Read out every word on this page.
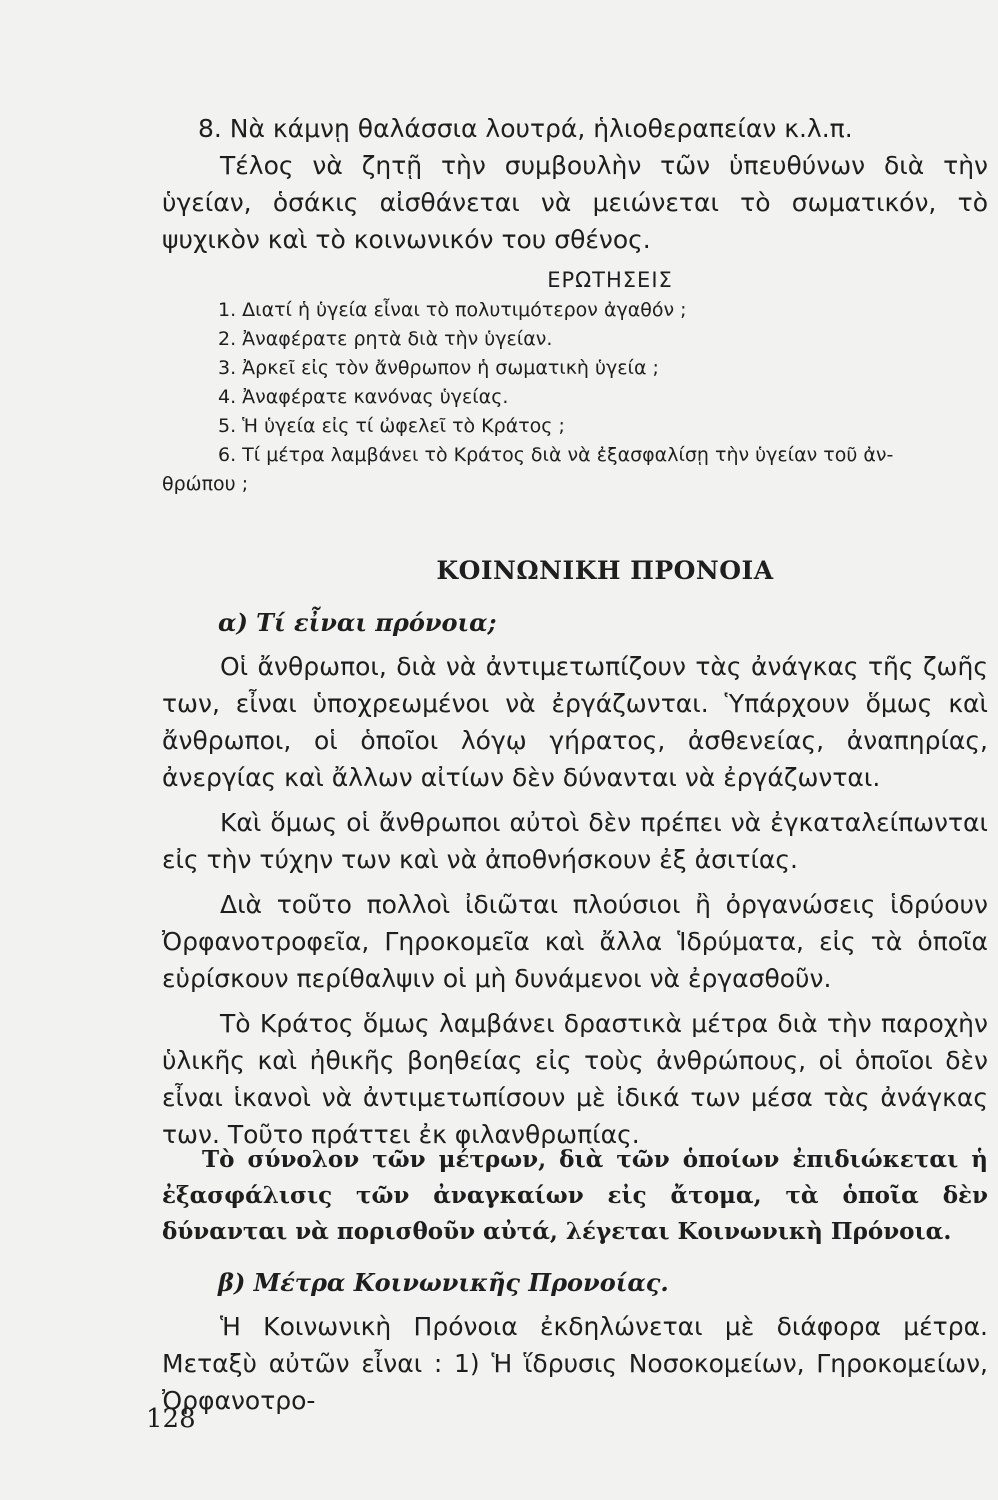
8. Νὰ κάμνῃ θαλάσσια λουτρά, ἡλιοθεραπείαν κ.λ.π.

Τέλος νὰ ζητῇ τὴν συμβουλὴν τῶν ὑπευθύνων διὰ τὴν ὑγείαν, ὁσάκις αἰσθάνεται νὰ μειώνεται τὸ σωματικόν, τὸ ψυχικὸν καὶ τὸ κοινωνικόν του σθένος.

ΕΡΩΤΗΣΕΙΣ

1. Διατί ἡ ὑγεία εἶναι τὸ πολυτιμότερον ἀγαθόν ;
2. Ἀναφέρατε ρητὰ διὰ τὴν ὑγείαν.
3. Ἀρκεῖ εἰς τὸν ἄνθρωπον ἡ σωματικὴ ὑγεία ;
4. Ἀναφέρατε κανόνας ὑγείας.
5. Ἡ ὑγεία εἰς τί ὠφελεῖ τὸ Κράτος ;
6. Τί μέτρα λαμβάνει τὸ Κράτος διὰ νὰ ἐξασφαλίσῃ τὴν ὑγείαν τοῦ ἀν-

θρώπου ;

ΚΟΙΝΩΝΙΚΗ ΠΡΟΝΟΙΑ

α) Τί εἶναι πρόνοια;

Οἱ ἄνθρωποι, διὰ νὰ ἀντιμετωπίζουν τὰς ἀνάγκας τῆς ζωῆς των, εἶναι ὑποχρεωμένοι νὰ ἐργάζωνται. Ὑπάρχουν ὅμως καὶ ἄνθρωποι, οἱ ὁποῖοι λόγῳ γήρατος, ἀσθενείας, ἀναπηρίας, ἀνεργίας καὶ ἄλλων αἰτίων δὲν δύνανται νὰ ἐργάζωνται.

Καὶ ὅμως οἱ ἄνθρωποι αὐτοὶ δὲν πρέπει νὰ ἐγκαταλείπωνται εἰς τὴν τύχην των καὶ νὰ ἀποθνήσκουν ἐξ ἀσιτίας.

Διὰ τοῦτο πολλοὶ ἰδιῶται πλούσιοι ἢ ὀργανώσεις ἱδρύουν Ὀρφανοτροφεῖα, Γηροκομεῖα καὶ ἄλλα Ἱδρύματα, εἰς τὰ ὁποῖα εὑρίσκουν περίθαλψιν οἱ μὴ δυνάμενοι νὰ ἐργασθοῦν.

Τὸ Κράτος ὅμως λαμβάνει δραστικὰ μέτρα διὰ τὴν παροχὴν ὑλικῆς καὶ ἠθικῆς βοηθείας εἰς τοὺς ἀνθρώπους, οἱ ὁποῖοι δὲν εἶναι ἱκανοὶ νὰ ἀντιμετωπίσουν μὲ ἰδικά των μέσα τὰς ἀνάγκας των. Τοῦτο πράττει ἐκ φιλανθρωπίας.

Τὸ σύνολον τῶν μέτρων, διὰ τῶν ὁποίων ἐπιδιώκεται ἡ ἐξασφάλισις τῶν ἀναγκαίων εἰς ἄτομα, τὰ ὁποῖα δὲν δύνανται νὰ πορισθοῦν αὐτά, λέγεται Κοινωνικὴ Πρόνοια.

β) Μέτρα Κοινωνικῆς Προνοίας.

Ἡ Κοινωνικὴ Πρόνοια ἐκδηλώνεται μὲ διάφορα μέτρα. Μεταξὺ αὐτῶν εἶναι : 1) Ἡ ἵδρυσις Νοσοκομείων, Γηροκομείων, Ὀρφανοτρο-

128
